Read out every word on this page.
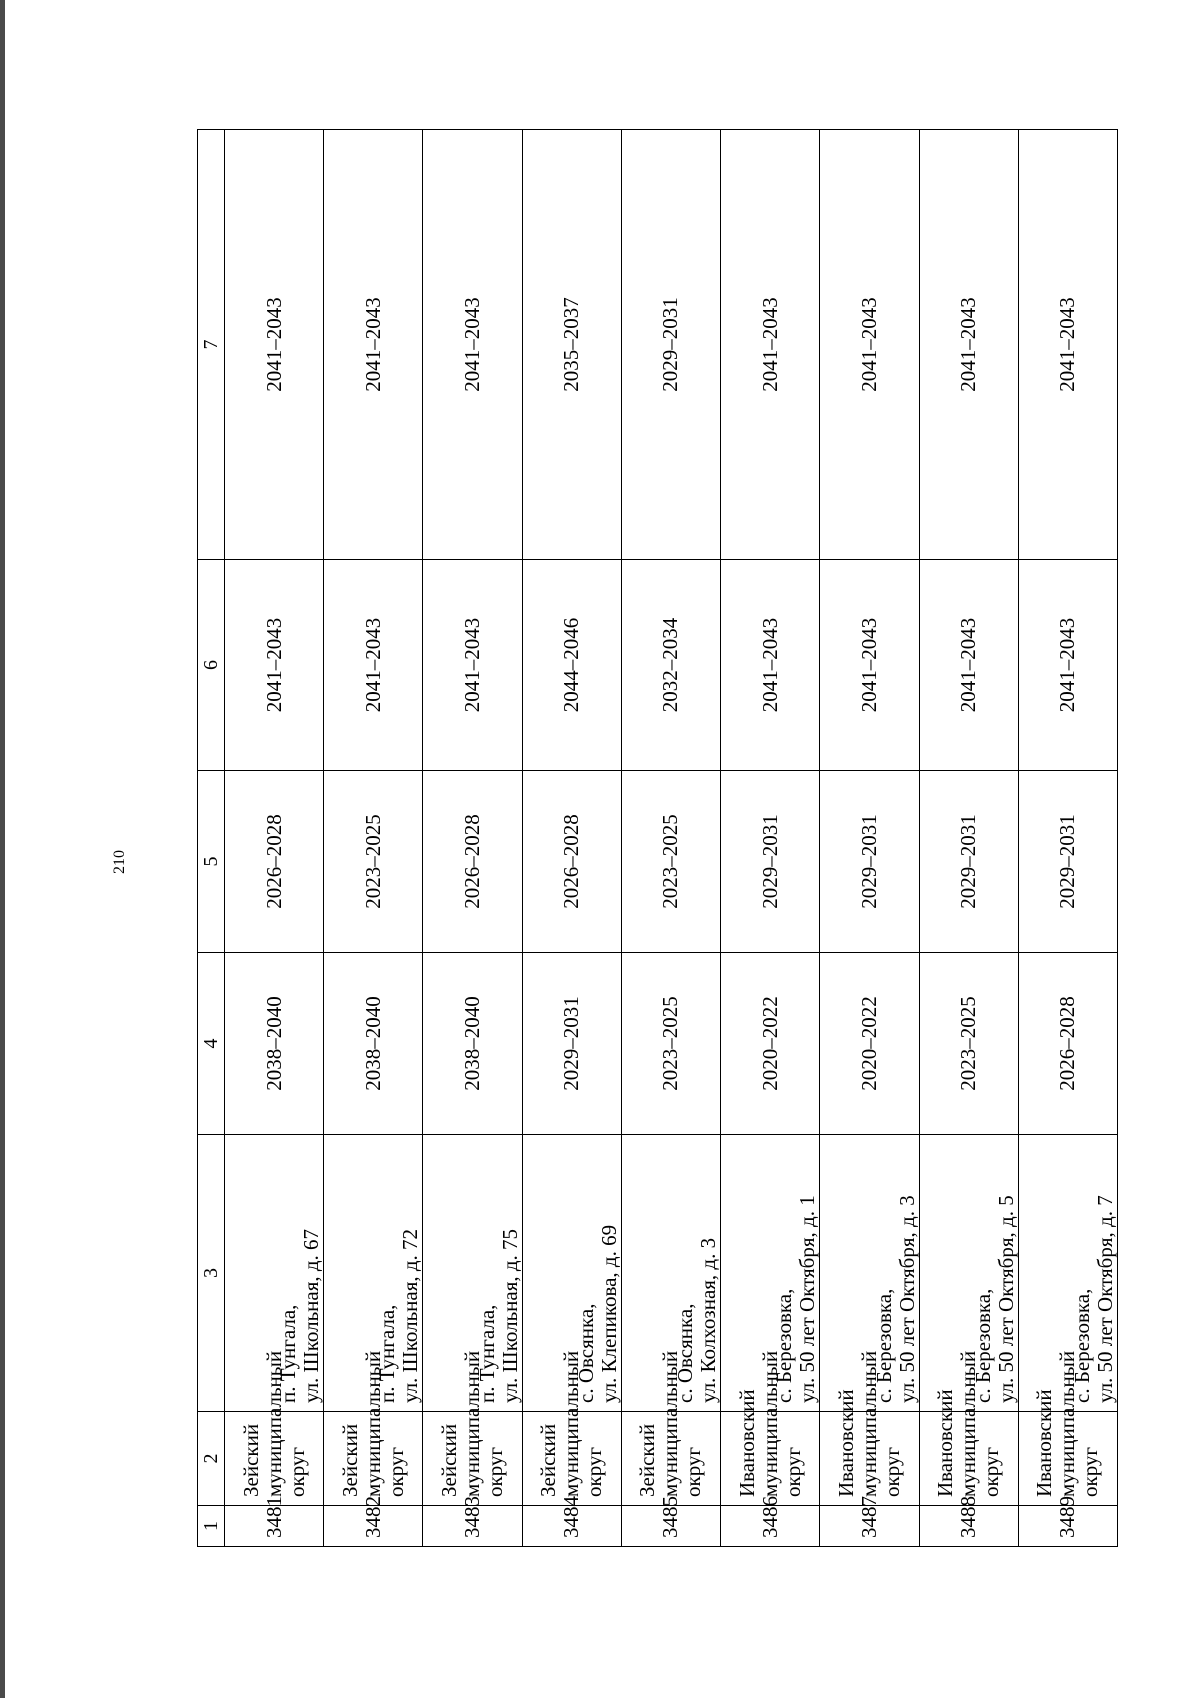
210
1	2	3	4	5	6	7
3481	Зейский муниципальный округ	п. Тунгала, ул. Школьная, д. 67	2038–2040	2026–2028	2041–2043	2041–2043
3482	Зейский муниципальный округ	п. Тунгала, ул. Школьная, д. 72	2038–2040	2023–2025	2041–2043	2041–2043
3483	Зейский муниципальный округ	п. Тунгала, ул. Школьная, д. 75	2038–2040	2026–2028	2041–2043	2041–2043
3484	Зейский муниципальный округ	с. Овсянка, ул. Клепикова, д. 69	2029–2031	2026–2028	2044–2046	2035–2037
3485	Зейский муниципальный округ	с. Овсянка, ул. Колхозная, д. 3	2023–2025	2023–2025	2032–2034	2029–2031
3486	Ивановский муниципальный округ	с. Березовка, ул. 50 лет Октября, д. 1	2020–2022	2029–2031	2041–2043	2041–2043
3487	Ивановский муниципальный округ	с. Березовка, ул. 50 лет Октября, д. 3	2020–2022	2029–2031	2041–2043	2041–2043
3488	Ивановский муниципальный округ	с. Березовка, ул. 50 лет Октября, д. 5	2023–2025	2029–2031	2041–2043	2041–2043
3489	Ивановский муниципальный округ	с. Березовка, ул. 50 лет Октября, д. 7	2026–2028	2029–2031	2041–2043	2041–2043
